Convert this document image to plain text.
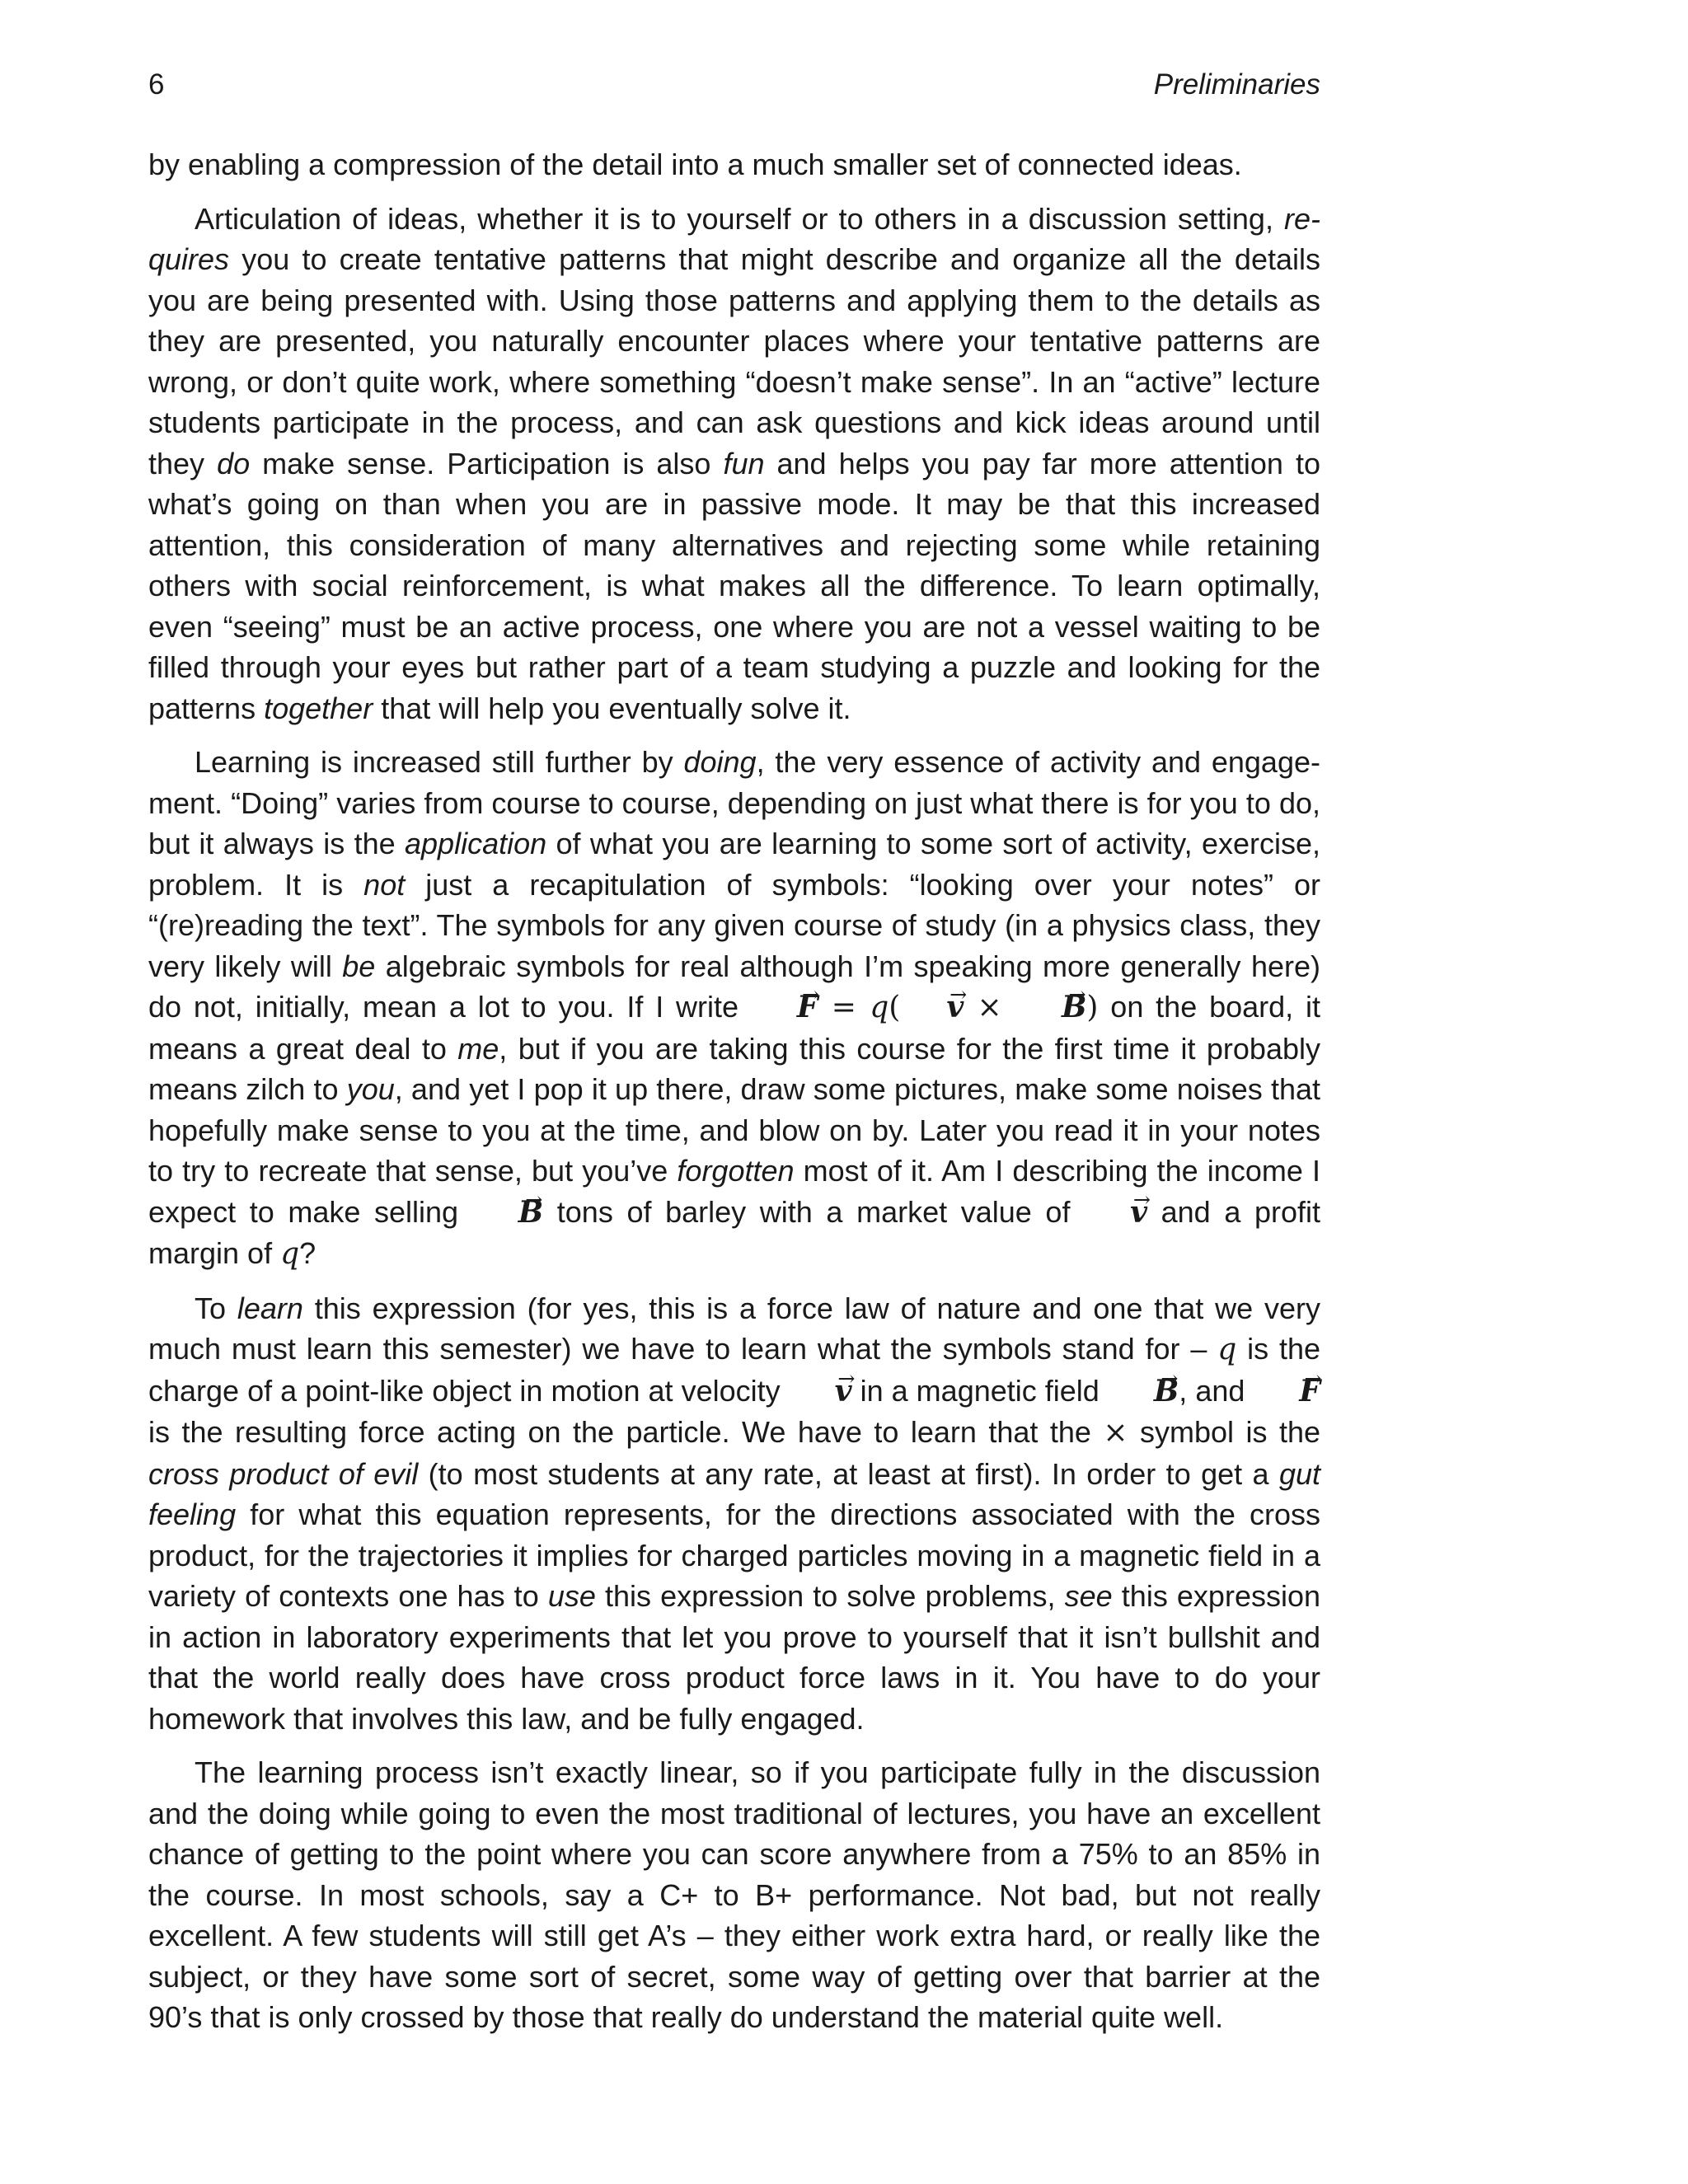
6	Preliminaries

by enabling a compression of the detail into a much smaller set of connected ideas.

Articulation of ideas, whether it is to yourself or to others in a discussion setting, requires you to create tentative patterns that might describe and organize all the details you are being presented with. Using those patterns and applying them to the details as they are presented, you naturally encounter places where your tentative patterns are wrong, or don’t quite work, where something “doesn’t make sense”. In an “active” lecture students participate in the process, and can ask questions and kick ideas around until they do make sense. Participation is also fun and helps you pay far more attention to what’s going on than when you are in passive mode. It may be that this increased attention, this consideration of many alternatives and rejecting some while retaining others with social reinforcement, is what makes all the difference. To learn optimally, even “seeing” must be an active process, one where you are not a vessel waiting to be filled through your eyes but rather part of a team studying a puzzle and looking for the patterns together that will help you eventually solve it.

Learning is increased still further by doing, the very essence of activity and engagement. “Doing” varies from course to course, depending on just what there is for you to do, but it always is the application of what you are learning to some sort of activity, exercise, problem. It is not just a recapitulation of symbols: “looking over your notes” or “(re)reading the text”. The symbols for any given course of study (in a physics class, they very likely will be algebraic symbols for real although I’m speaking more generally here) do not, initially, mean a lot to you. If I write F → = q( v → × B →) on the board, it means a great deal to me, but if you are taking this course for the first time it probably means zilch to you, and yet I pop it up there, draw some pictures, make some noises that hopefully make sense to you at the time, and blow on by. Later you read it in your notes to try to recreate that sense, but you’ve forgotten most of it. Am I describing the income I expect to make selling B → tons of barley with a market value of v → and a profit margin of q?

To learn this expression (for yes, this is a force law of nature and one that we very much must learn this semester) we have to learn what the symbols stand for – q is the charge of a point-like object in motion at velocity v → in a magnetic field B →, and F → is the resulting force acting on the particle. We have to learn that the × symbol is the cross product of evil (to most students at any rate, at least at first). In order to get a gut feeling for what this equation represents, for the directions associated with the cross product, for the trajectories it implies for charged particles moving in a magnetic field in a variety of contexts one has to use this expression to solve problems, see this expression in action in laboratory experiments that let you prove to yourself that it isn’t bullshit and that the world really does have cross product force laws in it. You have to do your homework that involves this law, and be fully engaged.

The learning process isn’t exactly linear, so if you participate fully in the discussion and the doing while going to even the most traditional of lectures, you have an excellent chance of getting to the point where you can score anywhere from a 75% to an 85% in the course. In most schools, say a C+ to B+ performance. Not bad, but not really excellent. A few students will still get A’s – they either work extra hard, or really like the subject, or they have some sort of secret, some way of getting over that barrier at the 90’s that is only crossed by those that really do understand the material quite well.
